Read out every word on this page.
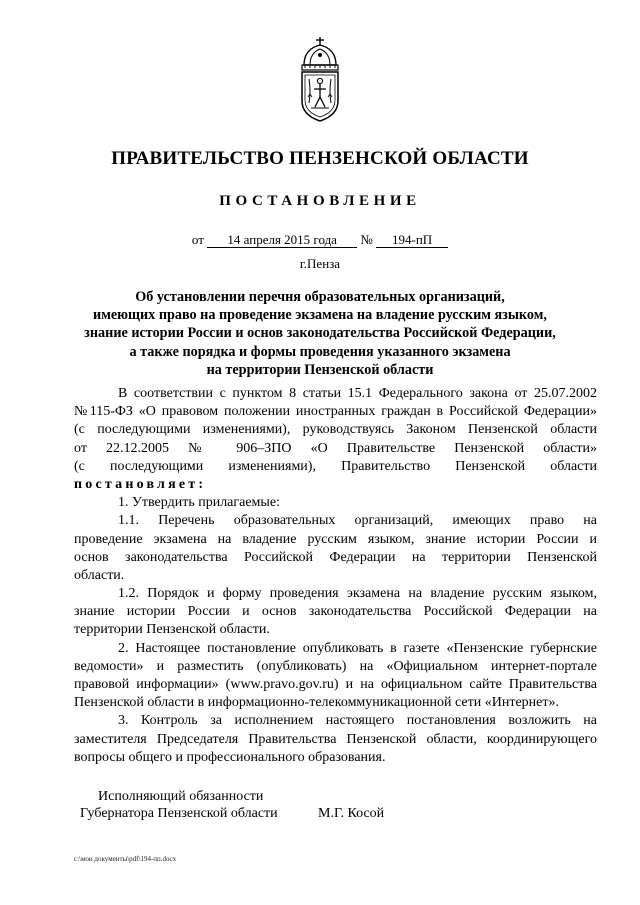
ПРАВИТЕЛЬСТВО ПЕНЗЕНСКОЙ ОБЛАСТИ
ПОСТАНОВЛЕНИЕ
от 14 апреля 2015 года № 194-пП
г.Пенза
Об установлении перечня образовательных организаций,
имеющих право на проведение экзамена на владение русским языком,
знание истории России и основ законодательства Российской Федерации,
а также порядка и формы проведения указанного экзамена
на территории Пензенской области
В соответствии с пунктом 8 статьи 15.1 Федерального закона от 25.07.2002
№115-ФЗ «О правовом положении иностранных граждан в Российской Федерации»
(с последующими изменениями), руководствуясь Законом Пензенской области
от 22.12.2005 № 906–ЗПО «О Правительстве Пензенской области»
(с последующими изменениями), Правительство Пензенской области
постановляет:
1. Утвердить прилагаемые:
1.1. Перечень образовательных организаций, имеющих право на
проведение экзамена на владение русским языком, знание истории России и
основ законодательства Российской Федерации на территории Пензенской
области.
1.2. Порядок и форму проведения экзамена на владение русским языком,
знание истории России и основ законодательства Российской Федерации на
территории Пензенской области.
2. Настоящее постановление опубликовать в газете «Пензенские губернские
ведомости» и разместить (опубликовать) на «Официальном интернет-портале
правовой информации» (www.pravo.gov.ru) и на официальном сайте Правительства
Пензенской области в информационно-телекоммуникационной сети «Интернет».
3. Контроль за исполнением настоящего постановления возложить на
заместителя Председателя Правительства Пензенской области, координирующего
вопросы общего и профессионального образования.
Исполняющий обязанности
Губернатора Пензенской области	М.Г. Косой
c:\мои документы\pdf\194-пп.docx
